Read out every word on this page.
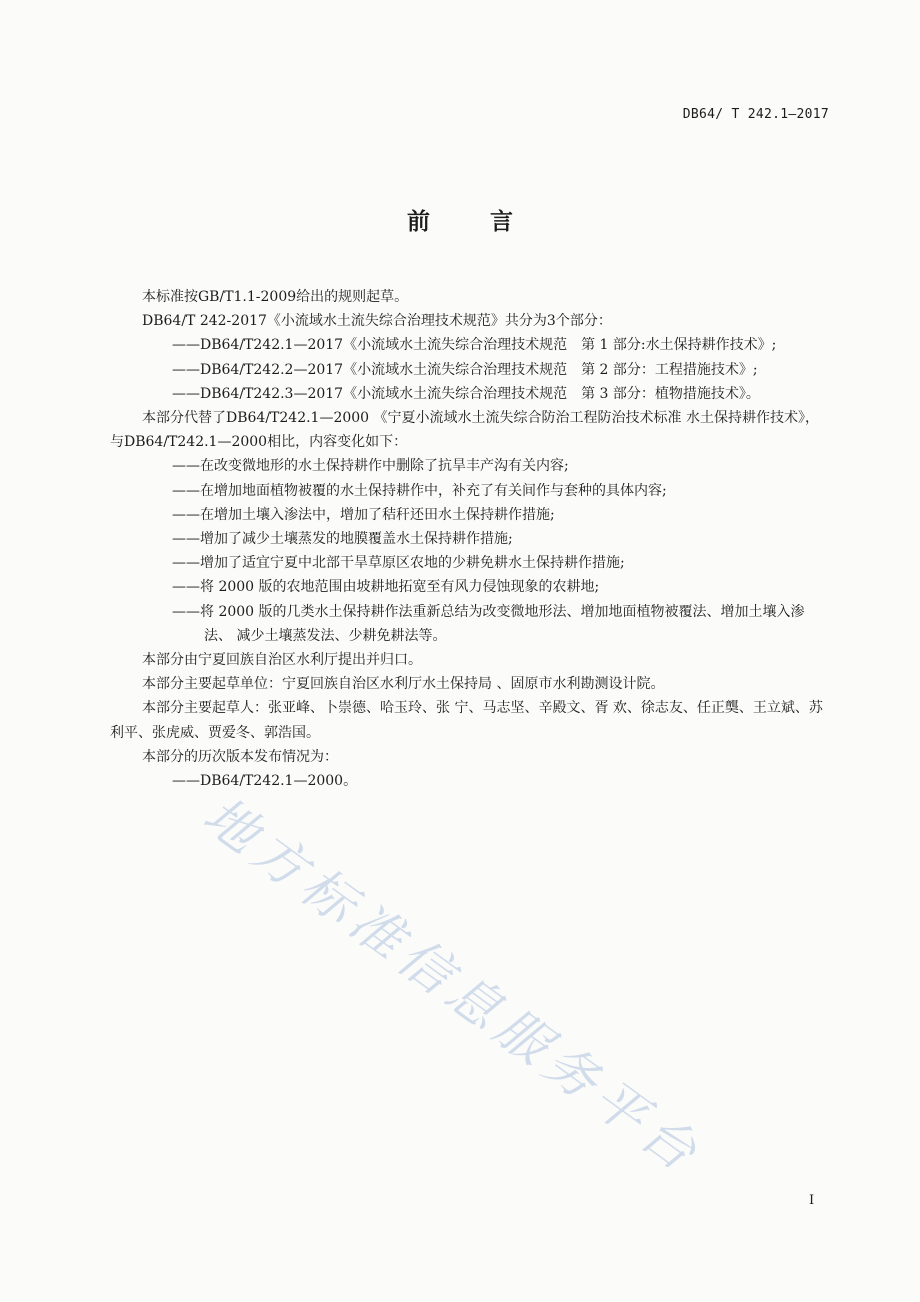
DB64/ T 242.1—2017
前 言

本标准按GB/T1.1-2009给出的规则起草。

DB64/T 242-2017《小流域水土流失综合治理技术规范》共分为3个部分：

——DB64/T242.1—2017《小流域水土流失综合治理技术规范　第 1 部分:水土保持耕作技术》;

——DB64/T242.2—2017《小流域水土流失综合治理技术规范　第 2 部分：工程措施技术》;

——DB64/T242.3—2017《小流域水土流失综合治理技术规范　第 3 部分：植物措施技术》。

本部分代替了DB64/T242.1—2000 《宁夏小流域水土流失综合防治工程防治技术标准 水土保持耕作技术》，与DB64/T242.1—2000相比，内容变化如下：

——在改变微地形的水土保持耕作中删除了抗旱丰产沟有关内容;

——在增加地面植物被覆的水土保持耕作中，补充了有关间作与套种的具体内容;

——在增加土壤入渗法中，增加了秸秆还田水土保持耕作措施;

——增加了减少土壤蒸发的地膜覆盖水土保持耕作措施;

——增加了适宜宁夏中北部干旱草原区农地的少耕免耕水土保持耕作措施;

——将 2000 版的农地范围由坡耕地拓宽至有风力侵蚀现象的农耕地;

——将 2000 版的几类水土保持耕作法重新总结为改变微地形法、增加地面植物被覆法、增加土壤入渗法、 减少土壤蒸发法、少耕免耕法等。

本部分由宁夏回族自治区水利厅提出并归口。

本部分主要起草单位：宁夏回族自治区水利厅水土保持局 、固原市水利勘测设计院。

本部分主要起草人：张亚峰、卜崇德、哈玉玲、张 宁、马志坚、辛殿文、胥 欢、徐志友、任正龑、王立斌、苏利平、张虎威、贾爱冬、郭浩国。

本部分的历次版本发布情况为：

——DB64/T242.1—2000。

地方标准信息服务平台
I
